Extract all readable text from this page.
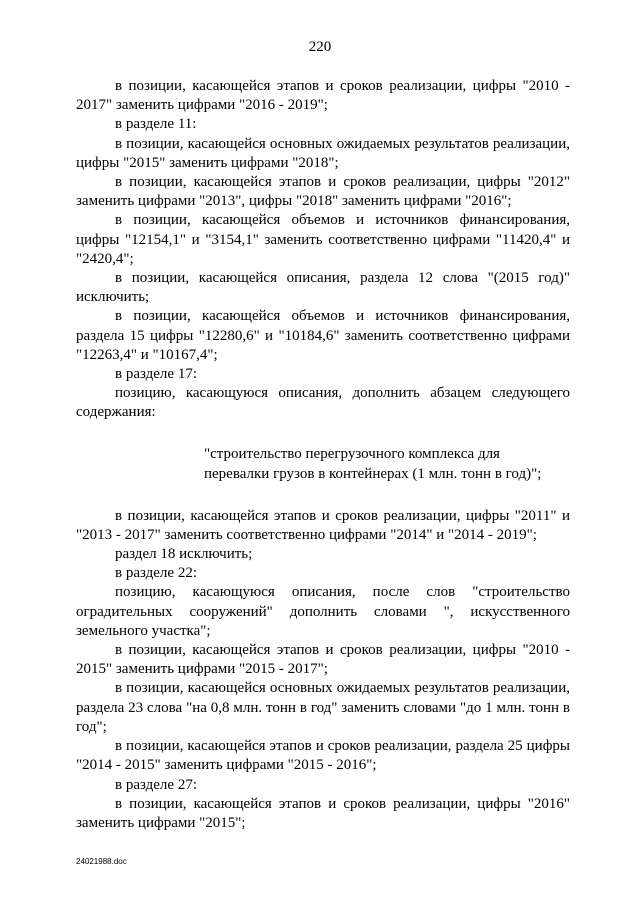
220

в позиции, касающейся этапов и сроков реализации, цифры "2010 - 2017" заменить цифрами "2016 - 2019";

в разделе 11:

в позиции, касающейся основных ожидаемых результатов реализации, цифры "2015" заменить цифрами "2018";

в позиции, касающейся этапов и сроков реализации, цифры "2012" заменить цифрами "2013", цифры "2018" заменить цифрами "2016";

в позиции, касающейся объемов и источников финансирования, цифры "12154,1" и "3154,1" заменить соответственно цифрами "11420,4" и "2420,4";

в позиции, касающейся описания, раздела 12 слова "(2015 год)" исключить;

в позиции, касающейся объемов и источников финансирования, раздела 15 цифры "12280,6" и "10184,6" заменить соответственно цифрами "12263,4" и "10167,4";

в разделе 17:

позицию, касающуюся описания, дополнить абзацем следующего содержания:

"строительство перегрузочного комплекса для
перевалки грузов в контейнерах (1 млн. тонн в год)";

в позиции, касающейся этапов и сроков реализации, цифры "2011" и "2013 - 2017" заменить соответственно цифрами "2014" и "2014 - 2019";

раздел 18 исключить;

в разделе 22:

позицию, касающуюся описания, после слов "строительство оградительных сооружений" дополнить словами ", искусственного земельного участка";

в позиции, касающейся этапов и сроков реализации, цифры "2010 - 2015" заменить цифрами "2015 - 2017";

в позиции, касающейся основных ожидаемых результатов реализации, раздела 23 слова "на 0,8 млн. тонн в год" заменить словами "до 1 млн. тонн в год";

в позиции, касающейся этапов и сроков реализации, раздела 25 цифры "2014 - 2015" заменить цифрами "2015 - 2016";

в разделе 27:

в позиции, касающейся этапов и сроков реализации, цифры "2016" заменить цифрами "2015";

24021988.doc
